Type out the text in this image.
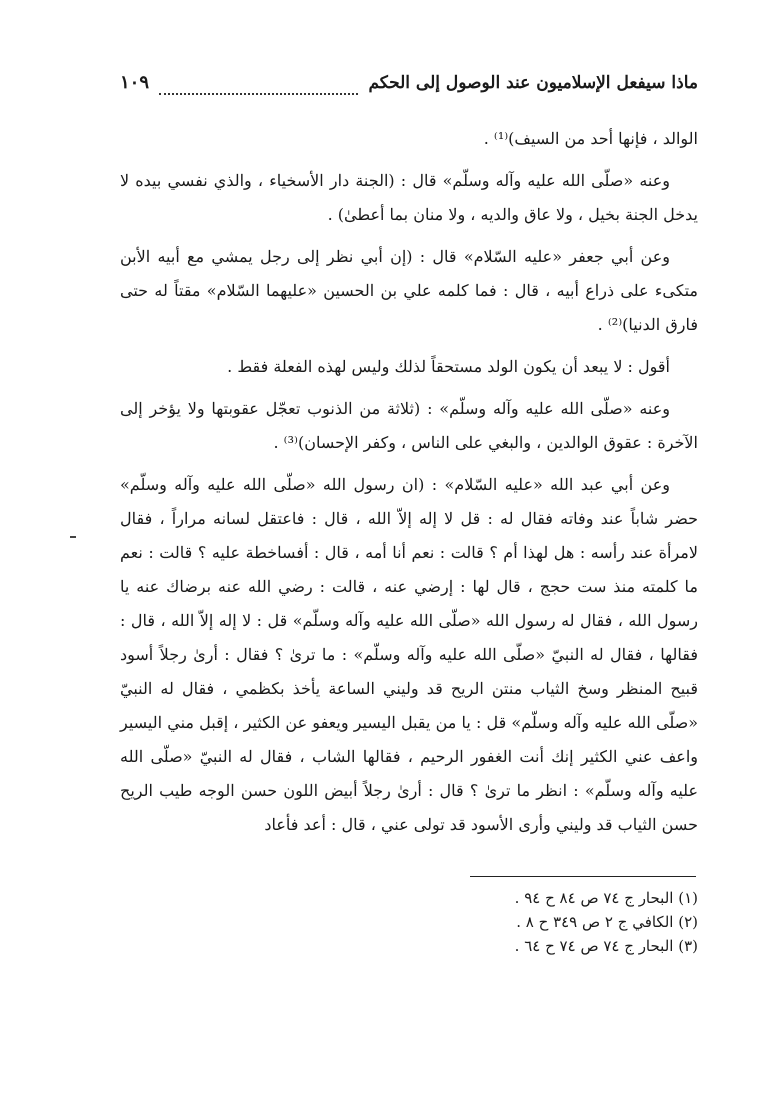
ماذا سيفعل الإسلاميون عند الوصول إلى الحكم
١٠٩

الوالد ، فإنها أحد من السيف)⁽¹⁾ .

وعنه «صلّى الله عليه وآله وسلّم» قال : (الجنة دار الأسخياء ، والذي نفسي بيده لا يدخل الجنة بخيل ، ولا عاق والديه ، ولا منان بما أعطىٰ) .

وعن أبي جعفر «عليه السّلام» قال : (إن أبي نظر إلى رجل يمشي مع أبيه الأبن متكىء على ذراع أبيه ، قال : فما كلمه علي بن الحسين «عليهما السّلام» مقتاً له حتى فارق الدنيا)⁽²⁾ .

أقول : لا يبعد أن يكون الولد مستحقاً لذلك وليس لهذه الفعلة فقط .

وعنه «صلّى الله عليه وآله وسلّم» : (ثلاثة من الذنوب تعجّل عقوبتها ولا يؤخر إلى الآخرة : عقوق الوالدين ، والبغي على الناس ، وكفر الإحسان)⁽³⁾ .

وعن أبي عبد الله «عليه السّلام» : (ان رسول الله «صلّى الله عليه وآله وسلّم» حضر شاباً عند وفاته فقال له : قل لا إله إلاّ الله ، قال : فاعتقل لسانه مراراً ، فقال لامرأة عند رأسه : هل لهذا أم ؟ قالت : نعم أنا أمه ، قال : أفساخطة عليه ؟ قالت : نعم ما كلمته منذ ست حجج ، قال لها : إرضي عنه ، قالت : رضي الله عنه برضاك عنه يا رسول الله ، فقال له رسول الله «صلّى الله عليه وآله وسلّم» قل : لا إله إلاّ الله ، قال : فقالها ، فقال له النبيّ «صلّى الله عليه وآله وسلّم» : ما ترىٰ ؟ فقال : أرىٰ رجلاً أسود قبيح المنظر وسخ الثياب منتن الريح قد وليني الساعة يأخذ بكظمي ، فقال له النبيّ «صلّى الله عليه وآله وسلّم» قل : يا من يقبل اليسير ويعفو عن الكثير ، إقبل مني اليسير واعف عني الكثير إنك أنت الغفور الرحيم ، فقالها الشاب ، فقال له النبيّ «صلّى الله عليه وآله وسلّم» : انظر ما ترىٰ ؟ قال : أرىٰ رجلاً أبيض اللون حسن الوجه طيب الريح حسن الثياب قد وليني وأرى الأسود قد تولى عني ، قال : أعد فأعاد

(١) البحار ج ٧٤ ص ٨٤ ح ٩٤ .
(٢) الكافي ج ٢ ص ٣٤٩ ح ٨ .
(٣) البحار ج ٧٤ ص ٧٤ ح ٦٤ .
